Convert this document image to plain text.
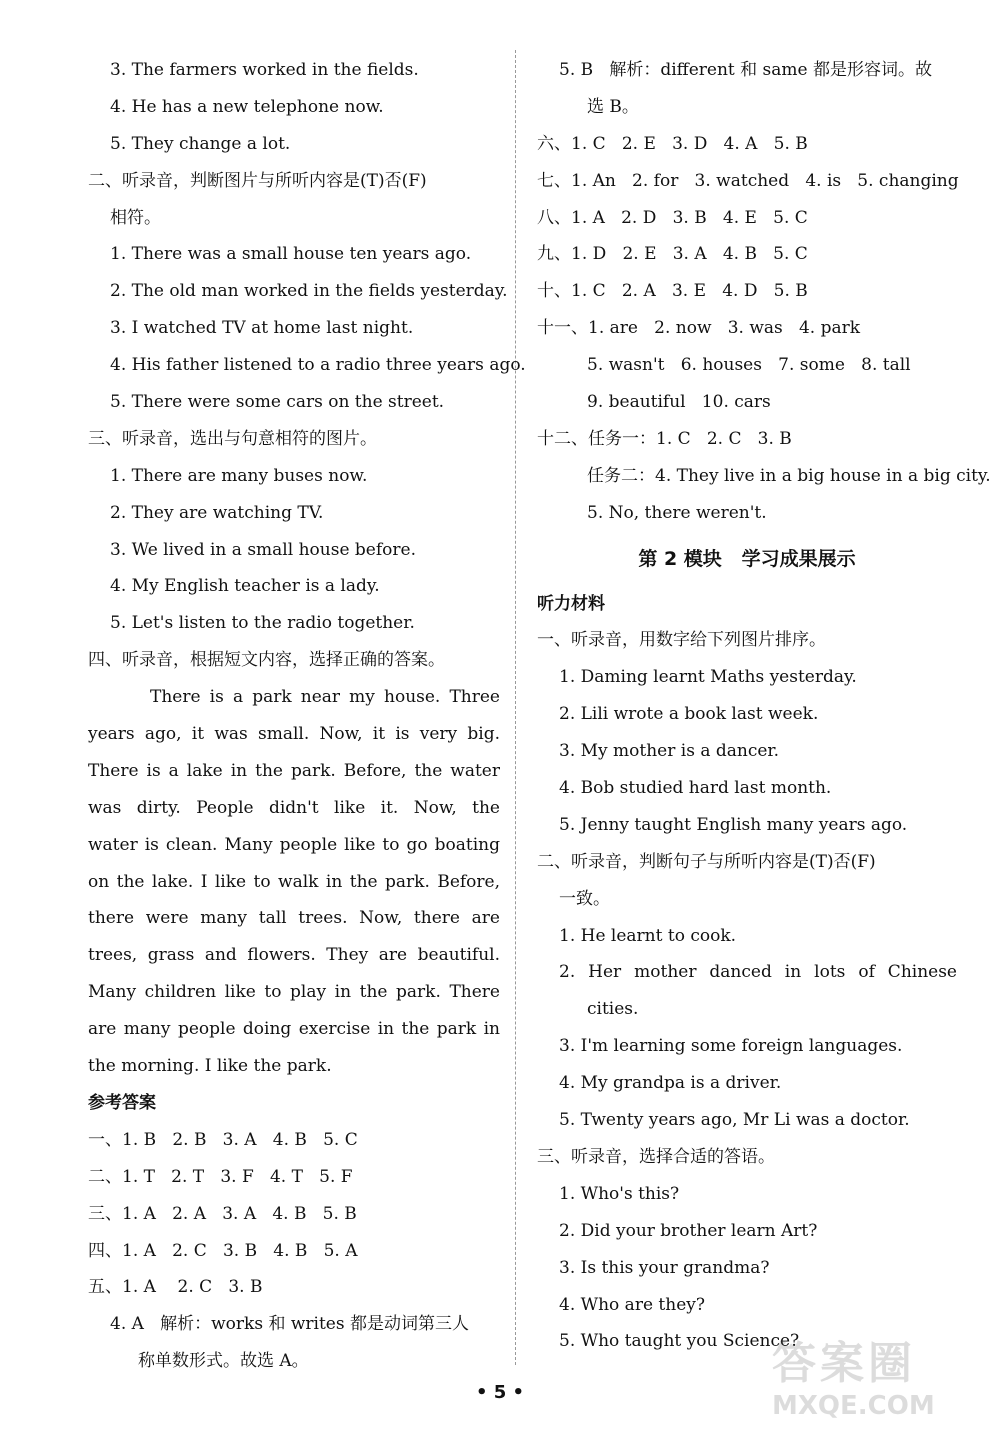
3. The farmers worked in the fields.
4. He has a new telephone now.
5. They change a lot.
二、听录音，判断图片与所听内容是(T)否(F)
相符。
1. There was a small house ten years ago.
2. The old man worked in the fields yesterday.
3. I watched TV at home last night.
4. His father listened to a radio three years ago.
5. There were some cars on the street.
三、听录音，选出与句意相符的图片。
1. There are many buses now.
2. They are watching TV.
3. We lived in a small house before.
4. My English teacher is a lady.
5. Let's listen to the radio together.
四、听录音，根据短文内容，选择正确的答案。
There is a park near my house. Three
years ago, it was small. Now, it is very big.
There is a lake in the park. Before, the water
was dirty. People didn't like it. Now, the
water is clean. Many people like to go boating
on the lake. I like to walk in the park. Before,
there were many tall trees. Now, there are
trees, grass and flowers. They are beautiful.
Many children like to play in the park. There
are many people doing exercise in the park in
the morning. I like the park.
参考答案
一、1. B   2. B   3. A   4. B   5. C
二、1. T   2. T   3. F   4. T   5. F
三、1. A   2. A   3. A   4. B   5. B
四、1. A   2. C   3. B   4. B   5. A
五、1. A    2. C   3. B
4. A   解析：works 和 writes 都是动词第三人
称单数形式。故选 A。
5. B   解析：different 和 same 都是形容词。故
选 B。
六、1. C   2. E   3. D   4. A   5. B
七、1. An   2. for   3. watched   4. is   5. changing
八、1. A   2. D   3. B   4. E   5. C
九、1. D   2. E   3. A   4. B   5. C
十、1. C   2. A   3. E   4. D   5. B
十一、1. are   2. now   3. was   4. park
5. wasn't   6. houses   7. some   8. tall
9. beautiful   10. cars
十二、任务一：1. C   2. C   3. B
任务二：4. They live in a big house in a big city.
5. No, there weren't.
第 2 模块   学习成果展示
听力材料
一、听录音，用数字给下列图片排序。
1. Daming learnt Maths yesterday.
2. Lili wrote a book last week.
3. My mother is a dancer.
4. Bob studied hard last month.
5. Jenny taught English many years ago.
二、听录音，判断句子与所听内容是(T)否(F)
一致。
1. He learnt to cook.
2. Her mother danced in lots of Chinese
cities.
3. I'm learning some foreign languages.
4. My grandpa is a driver.
5. Twenty years ago, Mr Li was a doctor.
三、听录音，选择合适的答语。
1. Who's this?
2. Did your brother learn Art?
3. Is this your grandma?
4. Who are they?
5. Who taught you Science?
• 5 •
答案圈
MXQE.COM
